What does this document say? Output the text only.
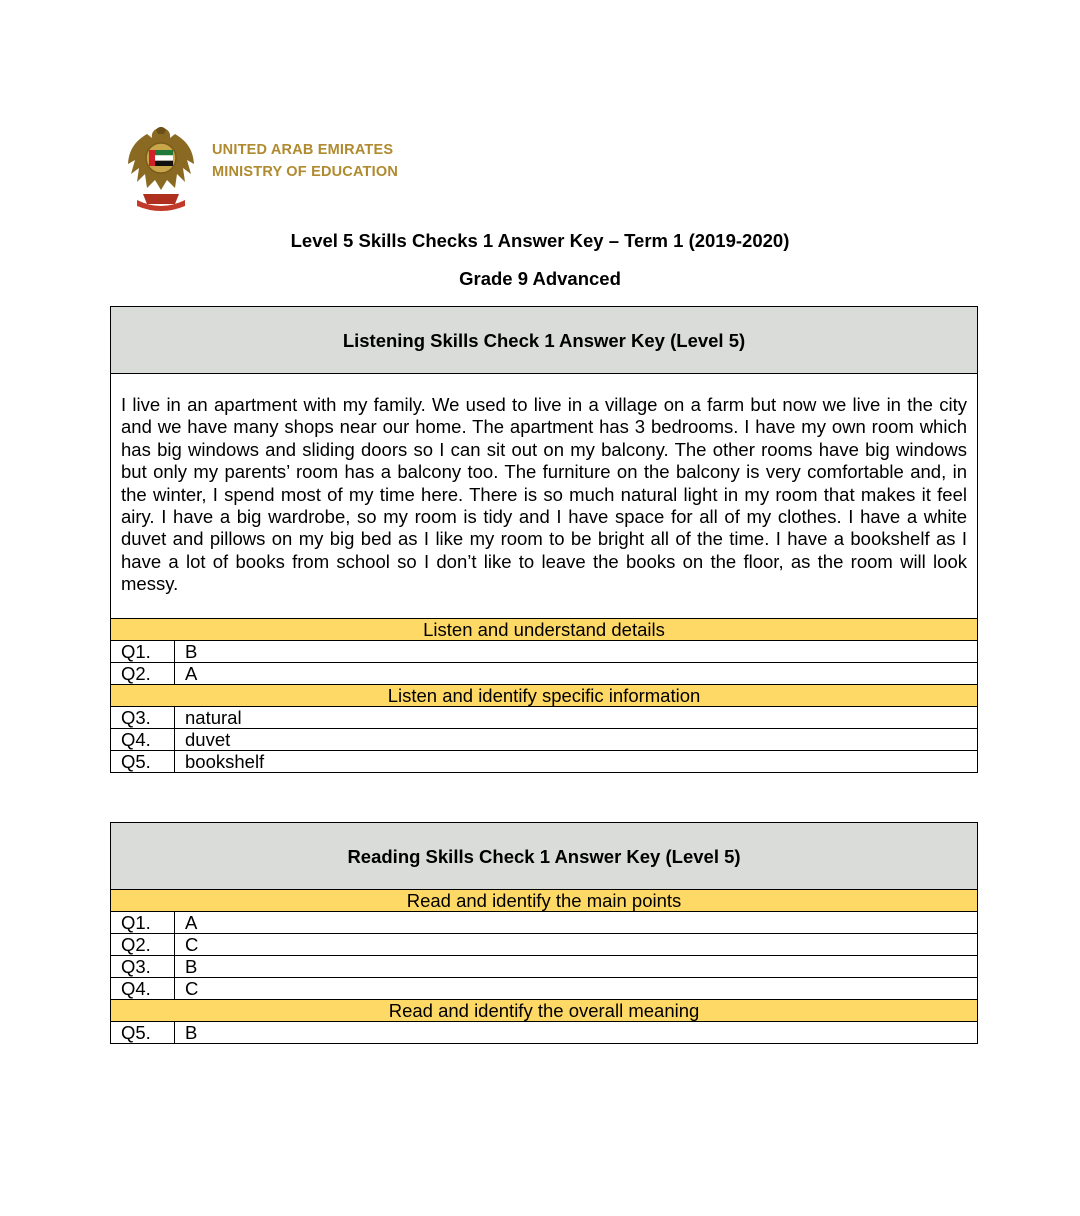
UNITED ARAB EMIRATES
MINISTRY OF EDUCATION
Level 5 Skills Checks 1 Answer Key – Term 1 (2019-2020)
Grade 9 Advanced
Listening Skills Check 1 Answer Key (Level 5)	
I live in an apartment with my family. We used to live in a village on a farm but now we live in the city and we have many shops near our home. The apartment has 3 bedrooms. I have my own room which has big windows and sliding doors so I can sit out on my balcony. The other rooms have big windows but only my parents’ room has a balcony too. The furniture on the balcony is very comfortable and, in the winter, I spend most of my time here. There is so much natural light in my room that makes it feel airy. I have a big wardrobe, so my room is tidy and I have space for all of my clothes. I have a white duvet and pillows on my big bed as I like my room to be bright all of the time. I have a bookshelf as I have a lot of books from school so I don’t like to leave the books on the floor, as the room will look messy.	
Listen and understand details	
Q1.	B
Q2.	A
Listen and identify specific information	
Q3.	natural
Q4.	duvet
Q5.	bookshelf
Reading Skills Check 1 Answer Key (Level 5)	
Read and identify the main points	
Q1.	A
Q2.	C
Q3.	B
Q4.	C
Read and identify the overall meaning	
Q5.	B
